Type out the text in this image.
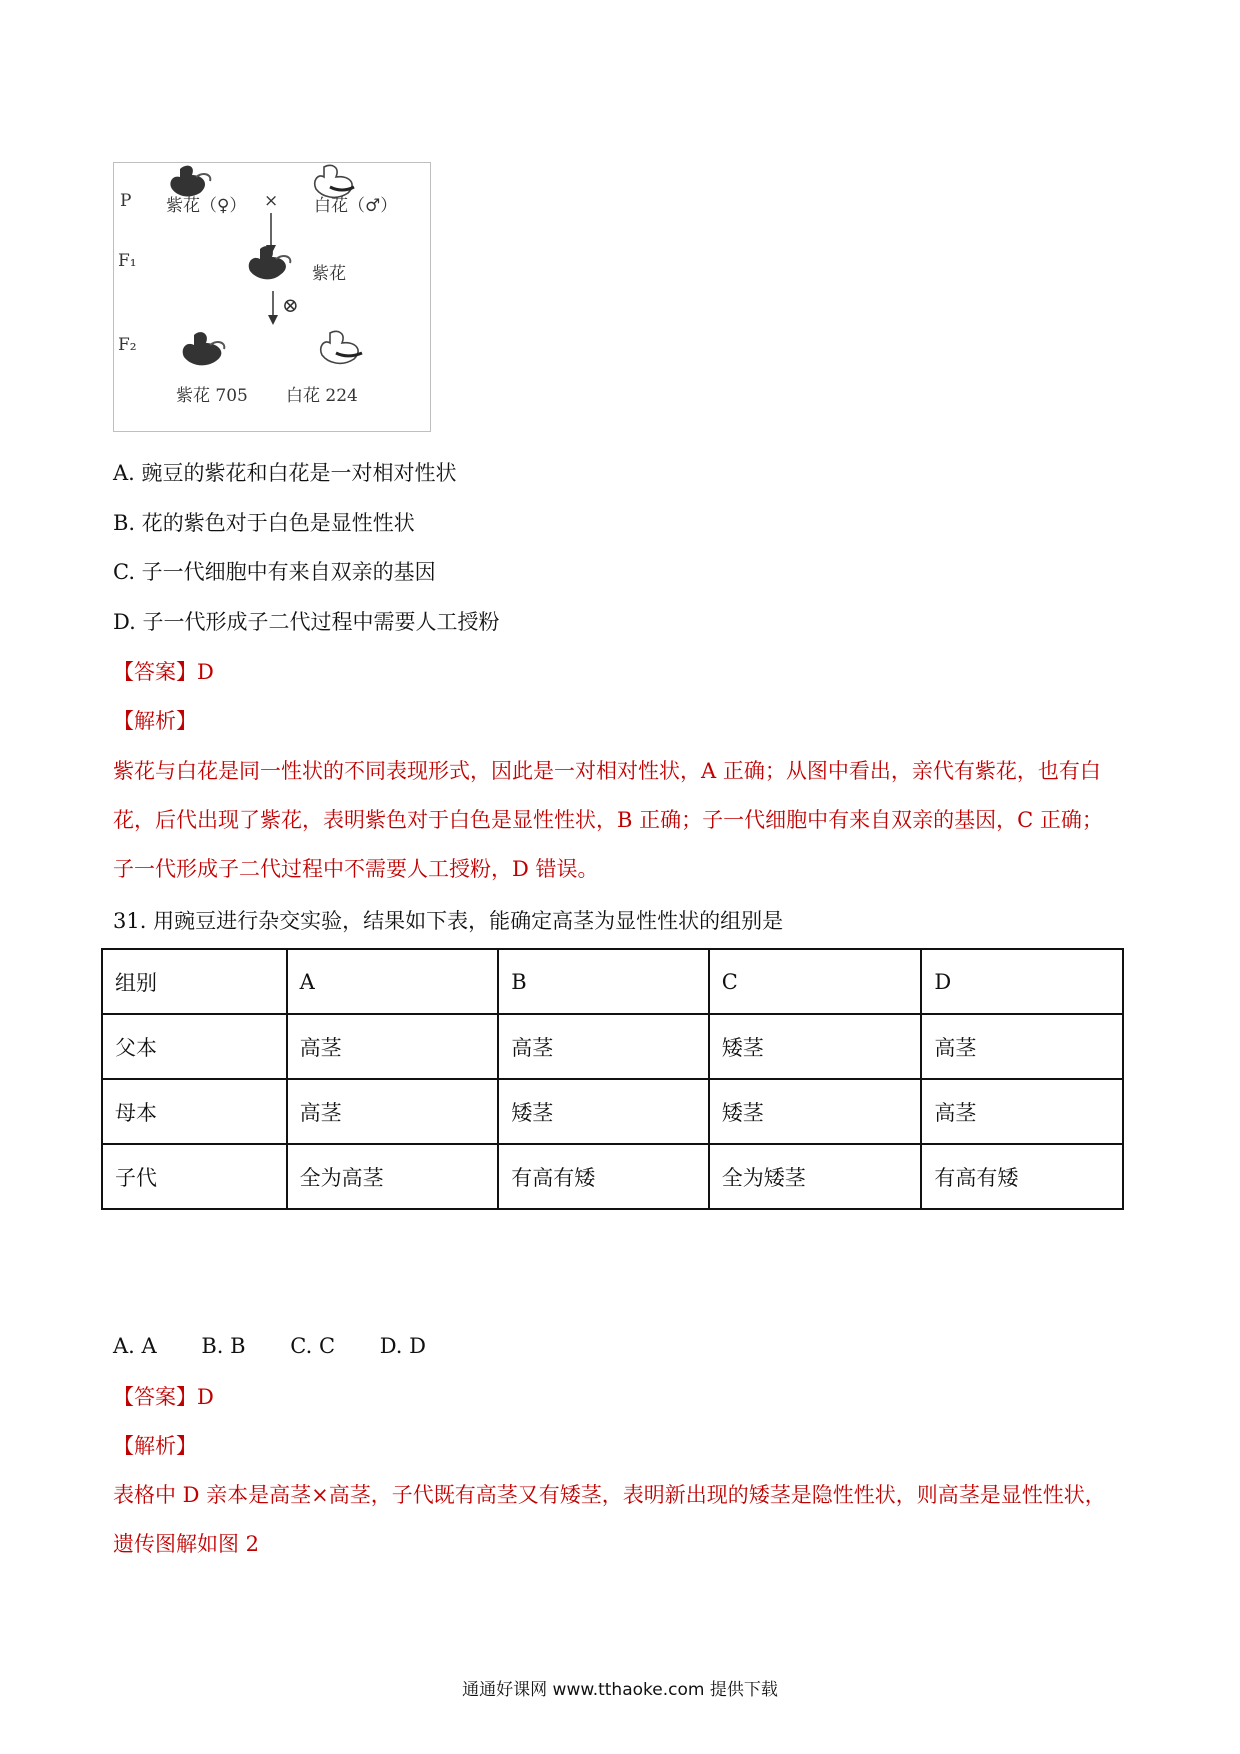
P
F₁
F₂
紫花（♀） × 白花（♂）
紫花
⊗
紫花 705 白花 224
A. 豌豆的紫花和白花是一对相对性状
B. 花的紫色对于白色是显性性状
C. 子一代细胞中有来自双亲的基因
D. 子一代形成子二代过程中需要人工授粉
【答案】D
【解析】

紫花与白花是同一性状的不同表现形式，因此是一对相对性状，A 正确；从图中看出，亲代有紫花，也有白

花，后代出现了紫花，表明紫色对于白色是显性性状，B 正确；子一代细胞中有来自双亲的基因，C 正确；

子一代形成子二代过程中不需要人工授粉，D 错误。

31. 用豌豆进行杂交实验，结果如下表，能确定高茎为显性性状的组别是
组别	A	B	C	D
父本	高茎	高茎	矮茎	高茎
母本	高茎	矮茎	矮茎	高茎
子代	全为高茎	有高有矮	全为矮茎	有高有矮
A. A B. B C. C D. D
【答案】D
【解析】

表格中 D 亲本是高茎×高茎，子代既有高茎又有矮茎，表明新出现的矮茎是隐性性状，则高茎是显性性状，

遗传图解如图 2

通通好课网 www.tthaoke.com 提供下载
